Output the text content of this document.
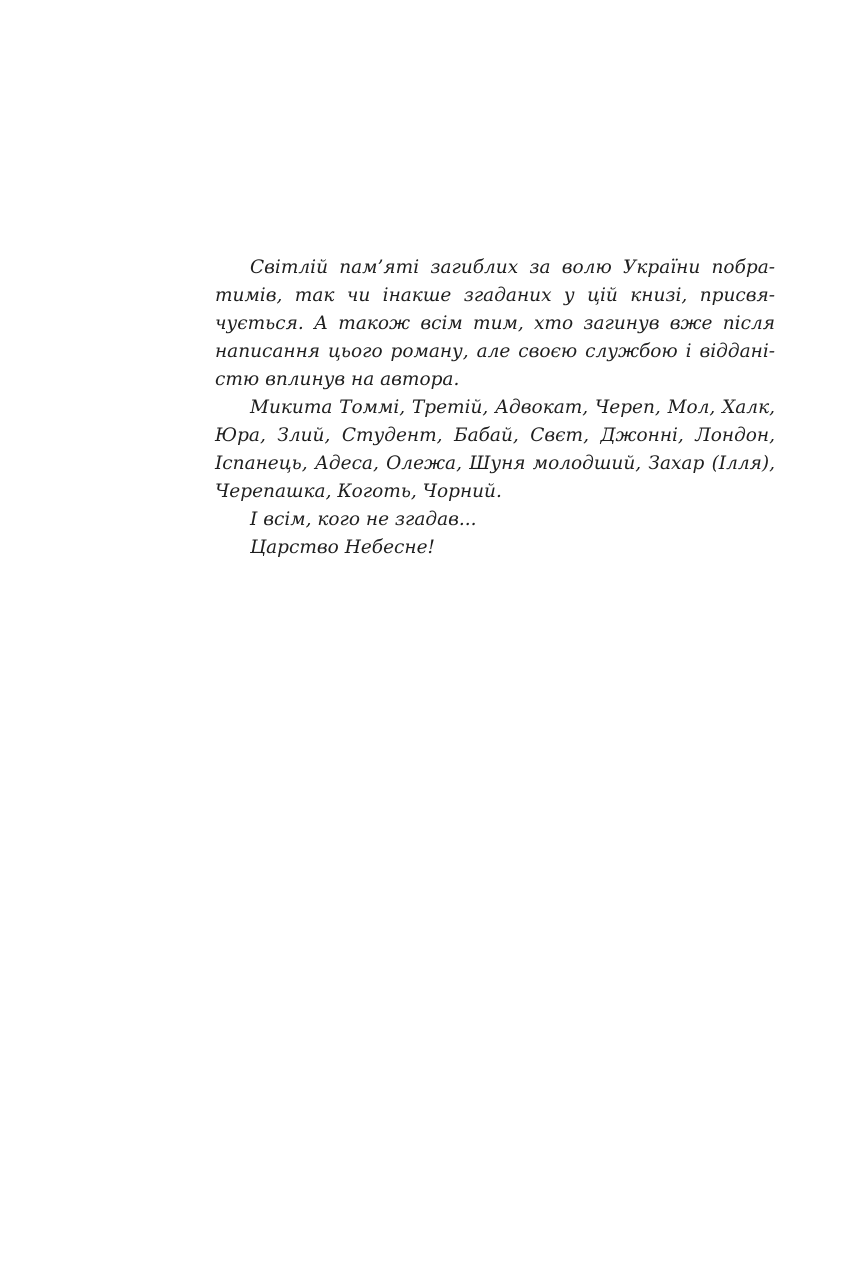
Світлій пам’яті загиблих за волю України побра-
тимів, так чи інакше згаданих у цій книзі, присвя-
чується. А також всім тим, хто загинув вже після
написання цього роману, але своєю службою і віддані-
стю вплинув на автора.
Микита Томмі, Третій, Адвокат, Череп, Мол, Халк,
Юра, Злий, Студент, Бабай, Свєт, Джонні, Лондон,
Іспанець, Адеса, Олежа, Шуня молодший, Захар (Ілля),
Черепашка, Коготь, Чорний.
І всім, кого не згадав...
Царство Небесне!
